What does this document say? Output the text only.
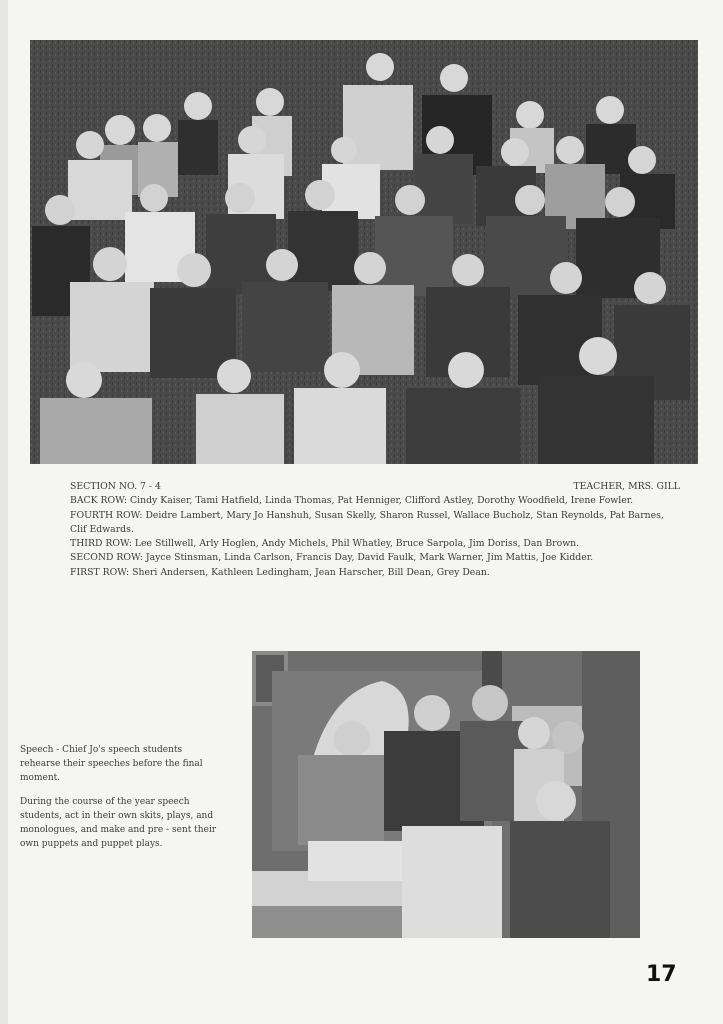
SECTION NO. 7 - 4	TEACHER, MRS. GILL

BACK ROW: Cindy Kaiser, Tami Hatfield, Linda Thomas, Pat Henniger, Clifford Astley, Dorothy Woodfield, Irene Fowler.

FOURTH ROW: Deidre Lambert, Mary Jo Hanshuh, Susan Skelly, Sharon Russel, Wallace Bucholz, Stan Reynolds, Pat Barnes, Clif Edwards.

THIRD ROW: Lee Stillwell, Arly Hoglen, Andy Michels, Phil Whatley, Bruce Sarpola, Jim Doriss, Dan Brown.

SECOND ROW: Jayce Stinsman, Linda Carlson, Francis Day, David Faulk, Mark Warner, Jim Mattis, Joe Kidder.

FIRST ROW: Sheri Andersen, Kathleen Ledingham, Jean Harscher, Bill Dean, Grey Dean.

Speech - Chief Jo's speech students rehearse their speeches before the final moment.

During the course of the year speech students, act in their own skits, plays, and monologues, and make and pre - sent their own puppets and puppet plays.

17
